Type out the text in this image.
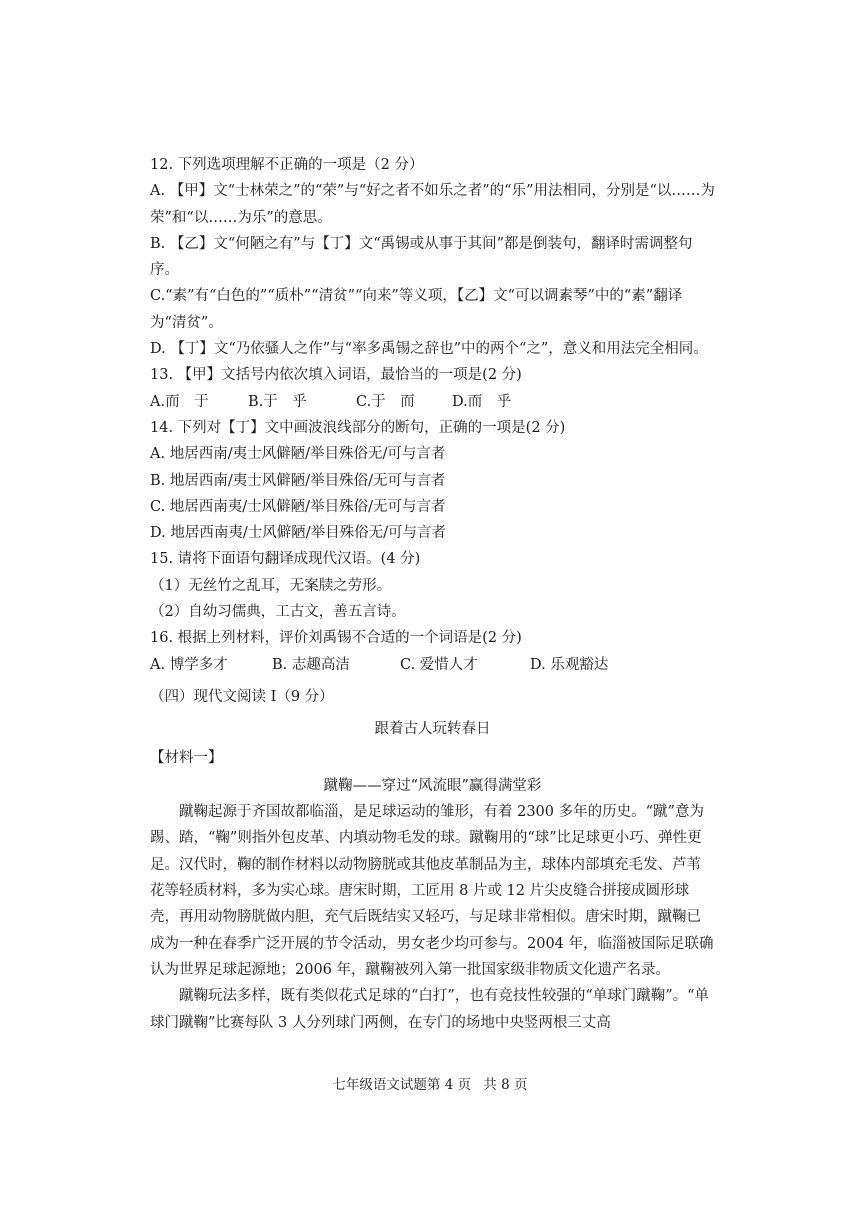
12. 下列选项理解不正确的一项是（2 分）

A. 【甲】文“士林荣之”的“荣”与“好之者不如乐之者”的“乐”用法相同，分别是“以……为荣”和“以……为乐”的意思。

B. 【乙】文“何陋之有”与【丁】文“禹锡或从事于其间”都是倒装句，翻译时需调整句序。

C.“素”有“白色的”“质朴”“清贫”“向来”等义项，【乙】文“可以调素琴”中的“素”翻译为“清贫”。

D. 【丁】文“乃依骚人之作”与“率多禹锡之辞也”中的两个“之”，意义和用法完全相同。

13. 【甲】文括号内依次填入词语，最恰当的一项是(2 分)

A.而　于	B.于　乎	C.于　而	D.而　乎

14. 下列对【丁】文中画波浪线部分的断句，正确的一项是(2 分)

A. 地居西南/夷士风僻陋/举目殊俗无/可与言者

B. 地居西南/夷士风僻陋/举目殊俗/无可与言者

C. 地居西南夷/士风僻陋/举目殊俗/无可与言者

D. 地居西南夷/士风僻陋/举目殊俗无/可与言者

15. 请将下面语句翻译成现代汉语。(4 分)

（1）无丝竹之乱耳，无案牍之劳形。

（2）自幼习儒典，工古文，善五言诗。

16. 根据上列材料，评价刘禹锡不合适的一个词语是(2 分)

A. 博学多才	B. 志趣高洁	C. 爱惜人才	D. 乐观豁达

（四）现代文阅读 I（9 分）

跟着古人玩转春日

【材料一】

蹴鞠——穿过“风流眼”赢得满堂彩

蹴鞠起源于齐国故都临淄，是足球运动的雏形，有着 2300 多年的历史。“蹴”意为踢、踏，“鞠”则指外包皮革、内填动物毛发的球。蹴鞠用的“球”比足球更小巧、弹性更足。汉代时，鞠的制作材料以动物膀胱或其他皮革制品为主，球体内部填充毛发、芦苇花等轻质材料，多为实心球。唐宋时期，工匠用 8 片或 12 片尖皮缝合拼接成圆形球壳，再用动物膀胱做内胆，充气后既结实又轻巧，与足球非常相似。唐宋时期，蹴鞠已成为一种在春季广泛开展的节令活动，男女老少均可参与。2004 年，临淄被国际足联确认为世界足球起源地；2006 年，蹴鞠被列入第一批国家级非物质文化遗产名录。

蹴鞠玩法多样，既有类似花式足球的“白打”，也有竞技性较强的“单球门蹴鞠”。“单球门蹴鞠”比赛每队 3 人分列球门两侧，在专门的场地中央竖两根三丈高

七年级语文试题第 4 页 共 8 页
